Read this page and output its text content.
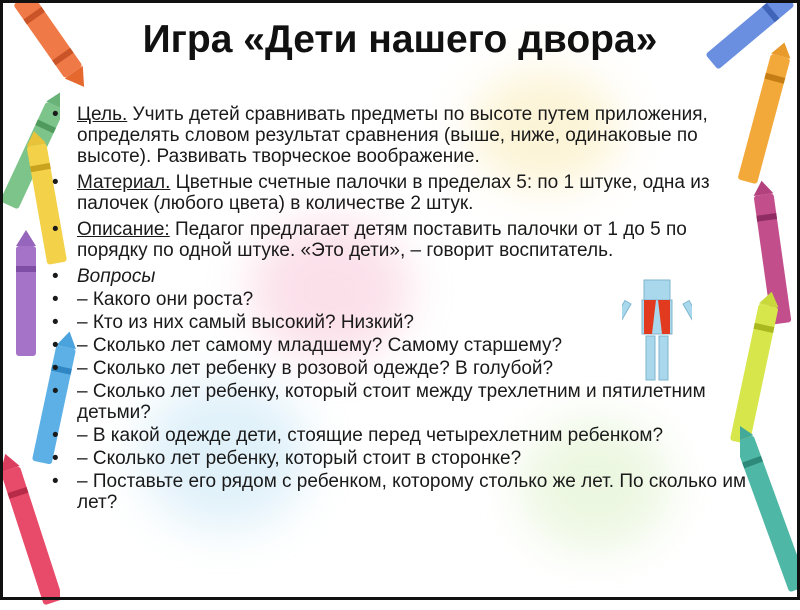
Игра «Дети нашего двора»
• Цель. Учить детей сравнивать предметы по высоте путем приложения, определять словом результат сравнения (выше, ниже, одинаковые по высоте). Развивать творческое воображение.
• Материал. Цветные счетные палочки в пределах 5: по 1 штуке, одна из палочек (любого цвета) в количестве 2 штук.
• Описание: Педагог предлагает детям поставить палочки от 1 до 5 по порядку по одной штуке. «Это дети», – говорит воспитатель.
• Вопросы
• – Какого они роста?
• – Кто из них самый высокий? Низкий?
• – Сколько лет самому младшему? Самому старшему?
• – Сколько лет ребенку в розовой одежде? В голубой?
• – Сколько лет ребенку, который стоит между трехлетним и пятилетним детьми?
• – В какой одежде дети, стоящие перед четырехлетним ребенком?
• – Сколько лет ребенку, который стоит в сторонке?
• – Поставьте его рядом с ребенком, которому столько же лет. По сколько им лет?
